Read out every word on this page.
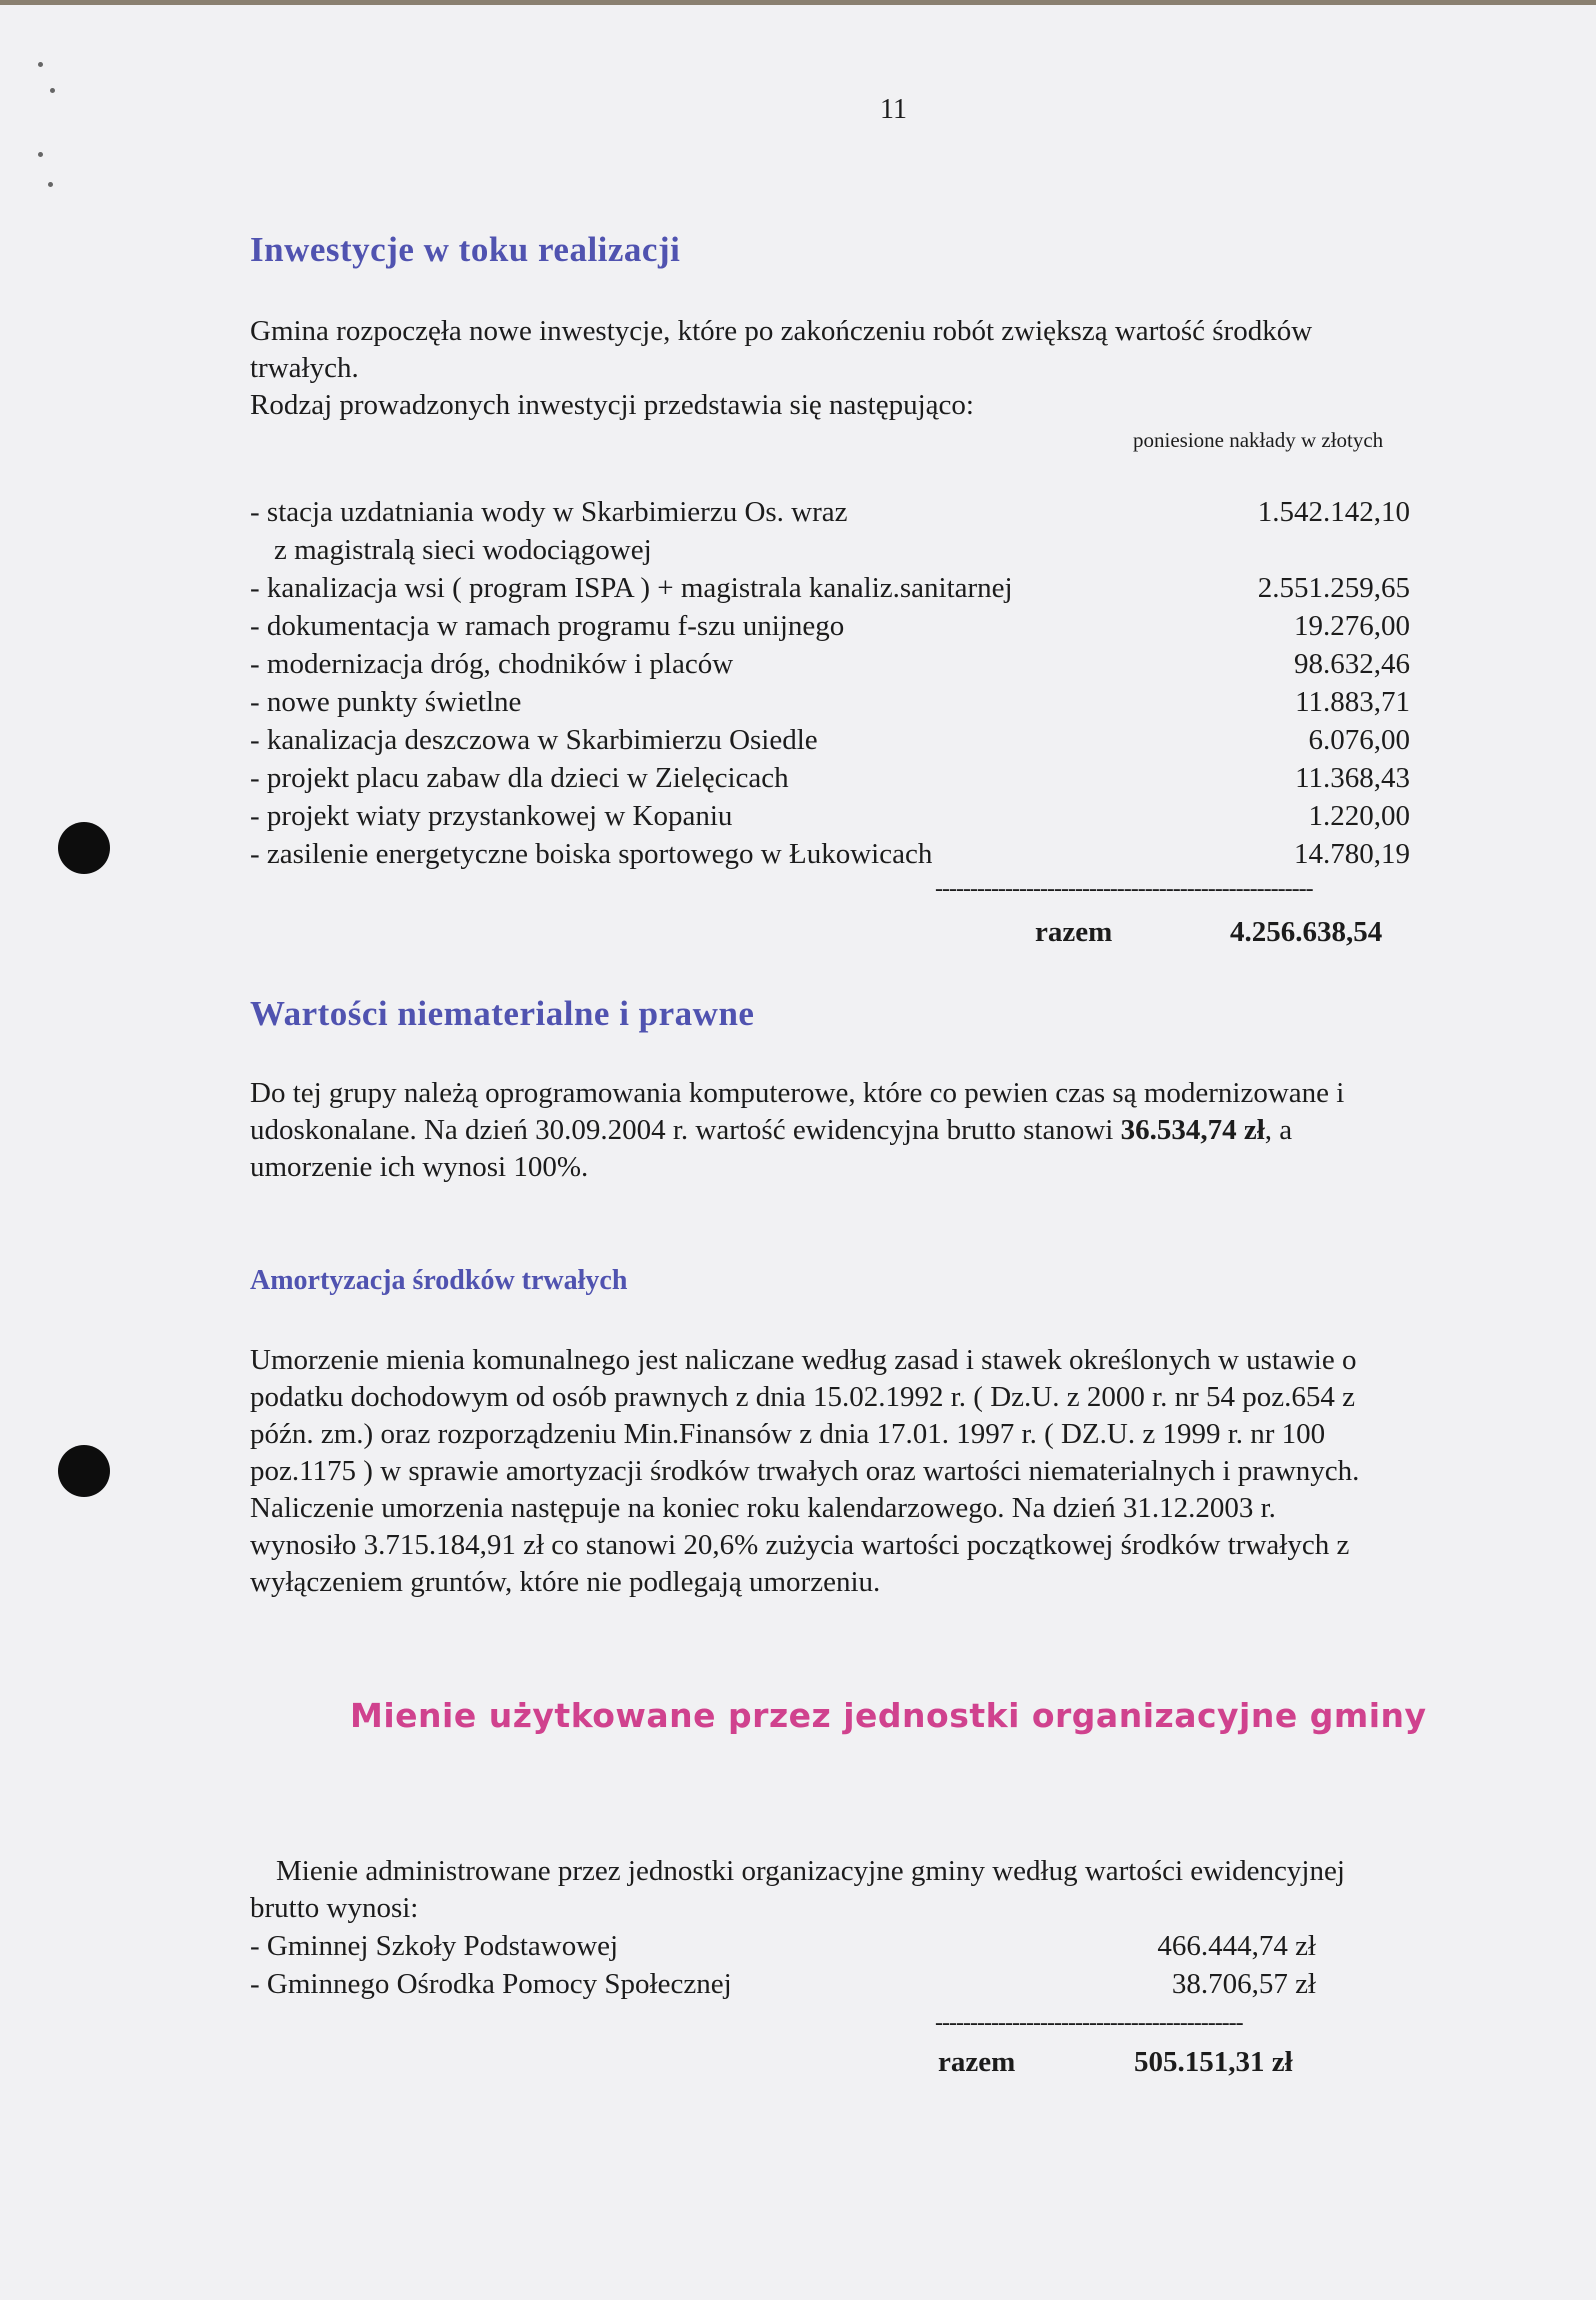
11
Inwestycje w toku realizacji

Gmina rozpoczęła nowe inwestycje, które po zakończeniu robót zwiększą wartość środków

trwałych.

Rodzaj prowadzonych inwestycji przedstawia się następująco:

poniesione nakłady w złotych
- stacja uzdatniania wody w Skarbimierzu Os. wraz	1.542.142,10
z magistralą sieci wodociągowej
- kanalizacja wsi ( program ISPA ) + magistrala kanaliz.sanitarnej	2.551.259,65
- dokumentacja w ramach programu f-szu unijnego	19.276,00
- modernizacja dróg, chodników i placów	98.632,46
- nowe punkty świetlne	11.883,71
- kanalizacja deszczowa w Skarbimierzu Osiedle	6.076,00
- projekt placu zabaw dla dzieci w Zielęcicach	11.368,43
- projekt wiaty przystankowej w Kopaniu	1.220,00
- zasilenie energetyczne boiska sportowego w Łukowicach	14.780,19
------------------------------------------------------
razem	4.256.638,54
Wartości niematerialne i prawne

Do tej grupy należą oprogramowania komputerowe, które co pewien czas są modernizowane i

udoskonalane. Na dzień 30.09.2004 r. wartość ewidencyjna brutto stanowi 36.534,74 zł, a

umorzenie ich wynosi 100%.

Amortyzacja środków trwałych

Umorzenie mienia komunalnego jest naliczane według zasad i stawek określonych w ustawie o

podatku dochodowym od osób prawnych z dnia 15.02.1992 r. ( Dz.U. z 2000 r. nr 54 poz.654 z

późn. zm.) oraz rozporządzeniu Min.Finansów z dnia 17.01. 1997 r. ( DZ.U. z 1999 r. nr 100

poz.1175 ) w sprawie amortyzacji środków trwałych oraz wartości niematerialnych i prawnych.

Naliczenie umorzenia następuje na koniec roku kalendarzowego. Na dzień 31.12.2003 r.

wynosiło 3.715.184,91 zł co stanowi 20,6% zużycia wartości początkowej środków trwałych z

wyłączeniem gruntów, które nie podlegają umorzeniu.

Mienie użytkowane przez jednostki organizacyjne gminy

Mienie administrowane przez jednostki organizacyjne gminy według wartości ewidencyjnej

brutto wynosi:

- Gminnej Szkoły Podstawowej	466.444,74 zł
- Gminnego Ośrodka Pomocy Społecznej	38.706,57 zł
--------------------------------------------
razem	505.151,31 zł
